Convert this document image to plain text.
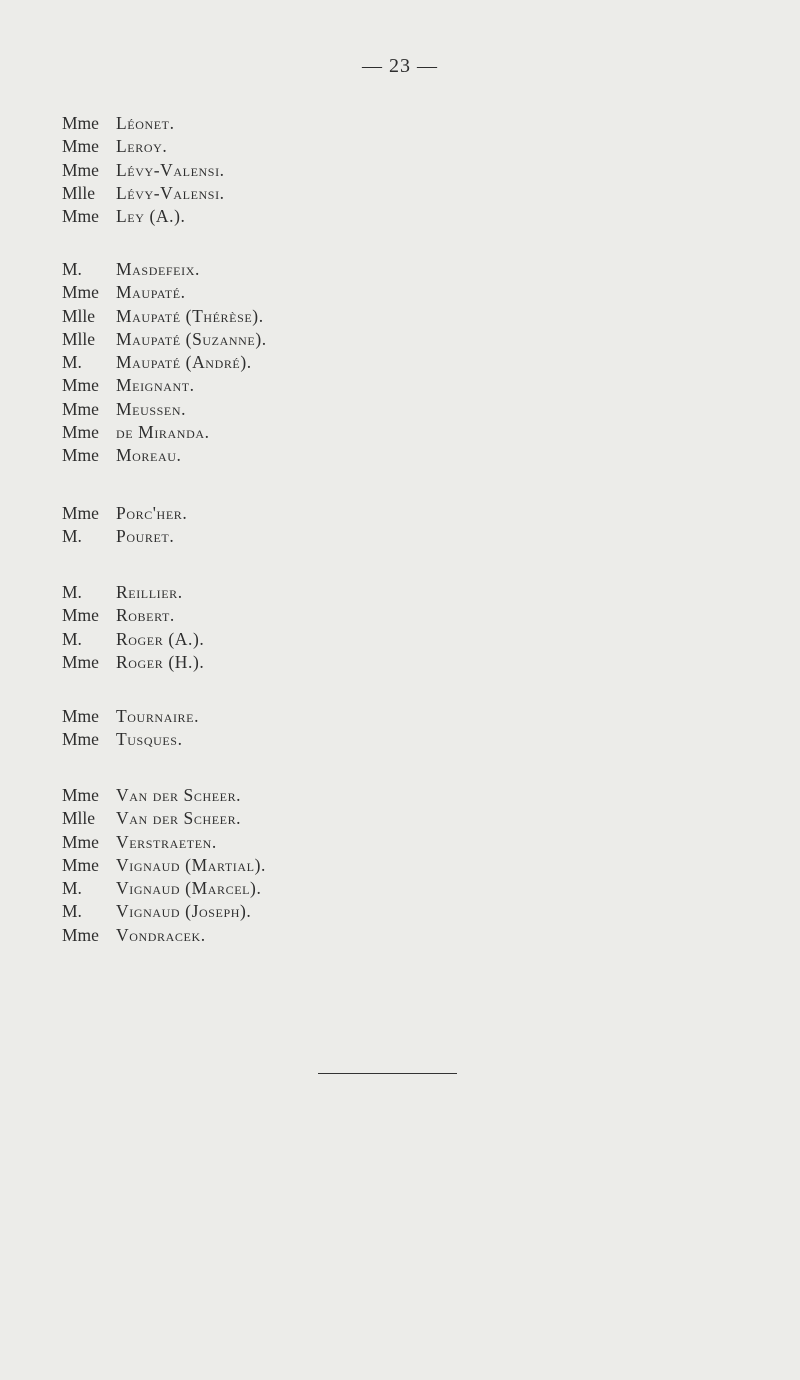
— 23 —
Mme Léonet.
Mme Leroy.
Mme Lévy-Valensi.
Mlle Lévy-Valensi.
Mme Ley (A.).
M. Masdefeix.
Mme Maupaté.
Mlle Maupaté (Thérèse).
Mlle Maupaté (Suzanne).
M. Maupaté (André).
Mme Meignant.
Mme Meussen.
Mme de Miranda.
Mme Moreau.
Mme Porc'her.
M. Pouret.
M. Reillier.
Mme Robert.
M. Roger (A.).
Mme Roger (H.).
Mme Tournaire.
Mme Tusques.
Mme Van der Scheer.
Mlle Van der Scheer.
Mme Verstraeten.
Mme Vignaud (Martial).
M. Vignaud (Marcel).
M. Vignaud (Joseph).
Mme Vondracek.
